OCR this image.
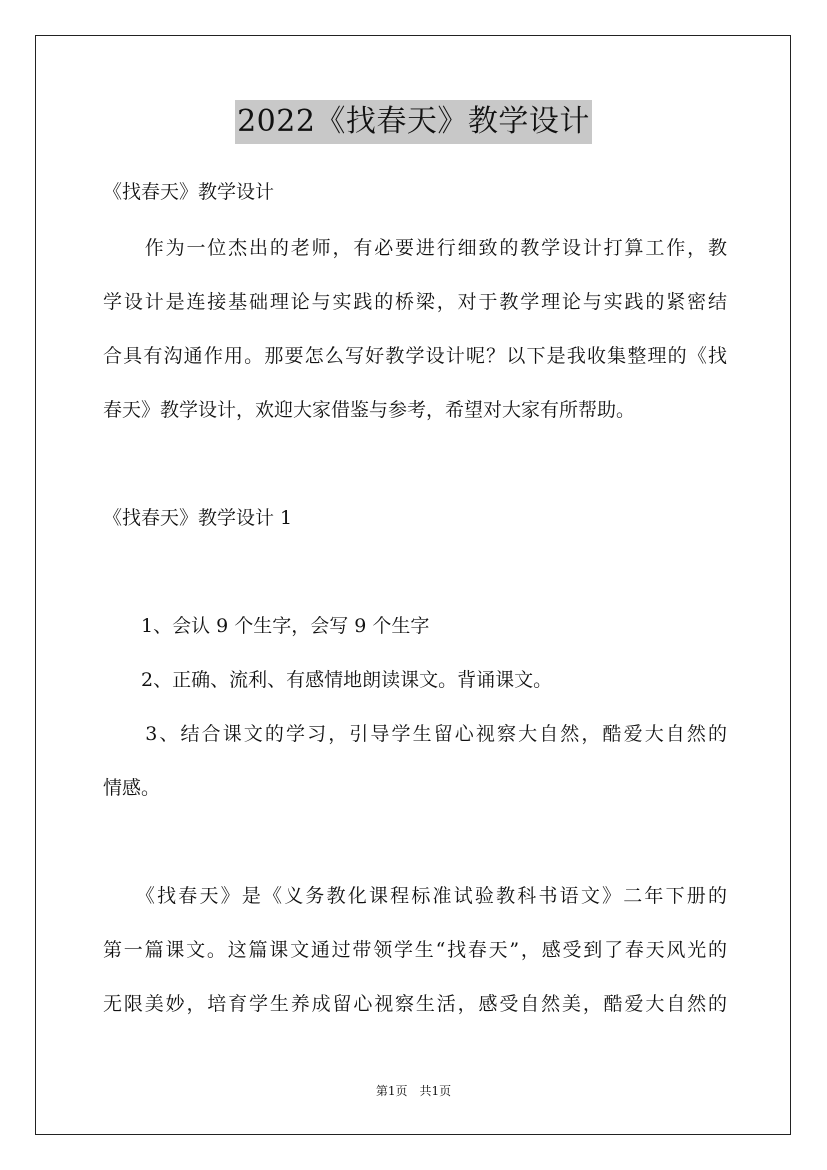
2022《找春天》教学设计
《找春天》教学设计
　　作为一位杰出的老师，有必要进行细致的教学设计打算工作，教
学设计是连接基础理论与实践的桥梁，对于教学理论与实践的紧密结
合具有沟通作用。那要怎么写好教学设计呢？以下是我收集整理的《找
春天》教学设计，欢迎大家借鉴与参考，希望对大家有所帮助。
《找春天》教学设计 1
　　1、会认 9 个生字，会写 9 个生字
　　2、正确、流利、有感情地朗读课文。背诵课文。
　　3、结合课文的学习，引导学生留心视察大自然，酷爱大自然的
情感。
　　《找春天》是《义务教化课程标准试验教科书语文》二年下册的
第一篇课文。这篇课文通过带领学生“找春天”，感受到了春天风光的
无限美妙，培育学生养成留心视察生活，感受自然美，酷爱大自然的
第1页　共1页
